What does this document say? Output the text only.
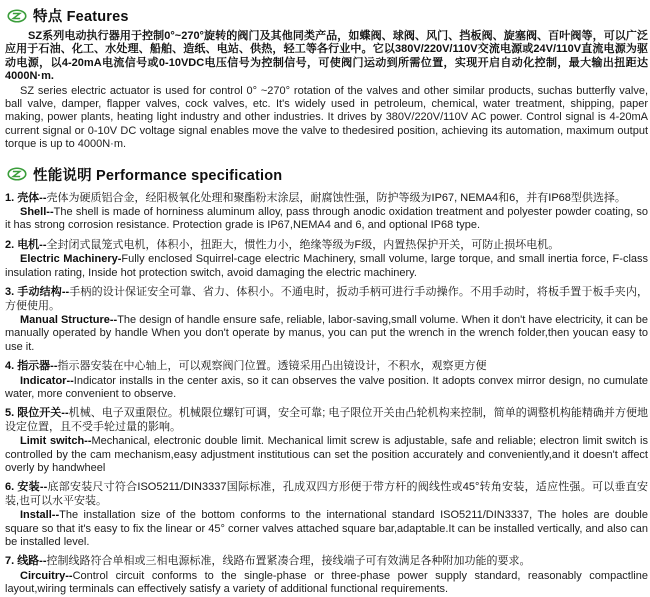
特点 Features

SZ系列电动执行器用于控制0°~270°旋转的阀门及其他同类产品，如蝶阀、球阀、风门、挡板阀、旋塞阀、百叶阀等，可以广泛应用于石油、化工、水处理、船舶、造纸、电站、供热，轻工等各行业中。它以380V/220V/110V交流电源或24V/110V直流电源为驱动电源，以4-20mA电流信号或0-10VDC电压信号为控制信号，可使阀门运动到所需位置，实现开启自动化控制，最大输出扭距达4000N·m.

SZ series electric actuator is used for control 0° ~270° rotation of the valves and other similar products, suchas butterfly valve, ball valve, damper, flapper valves, cock valves, etc. It's widely used in petroleum, chemical, water treatment, shipping, paper making, power plants, heating light industry and other industries. It drives by 380V/220V/110V AC power. Control signal is 4-20mA current signal or 0-10V DC voltage signal enables move the valve to thedesired position, achieving its automation, maximum output torque is up to 4000N·m.

性能说明 Performance specification

1. 壳体--壳体为硬质铝合金，经阳极氧化处理和聚酯粉末涂层，耐腐蚀性强，防护等级为IP67, NEMA4和6，并有IP68型供选择。

Shell--The shell is made of horniness aluminum alloy, pass through anodic oxidation treatment and polyester powder coating, so it has strong corrosion resistance. Protection grade is IP67,NEMA4 and 6, and optional IP68 type.

2. 电机--全封闭式鼠笼式电机，体积小，扭距大，惯性力小，绝缘等级为F级，内置热保护开关，可防止损坏电机。

Electric Machinery-Fully enclosed Squirrel-cage electric Machinery, small volume, large torque, and small inertia force, F-class insulation rating, Inside hot protection switch, avoid damaging the electric machinery.

3. 手动结构--手柄的设计保证安全可靠、省力、体积小。不通电时，扳动手柄可进行手动操作。不用手动时，将板手置于板手夹内，方便使用。

Manual Structure--The design of handle ensure safe, reliable, labor-saving,small volume. When it don't have electricity, it can be manually operated by handle When you don't operate by manus, you can put the wrench in the wrench folder,then youcan easy to use it.

4. 指示器--指示器安装在中心轴上，可以观察阀门位置。透镜采用凸出镜设计，不积水，观察更方便

Indicator--Indicator installs in the center axis, so it can observes the valve position. It adopts convex mirror design, no cumulate water, more convenient to observe.

5. 限位开关--机械、电子双重限位。机械限位螺钉可调，安全可靠; 电子限位开关由凸轮机构来控制，简单的调整机构能精确并方便地设定位置，且不受手轮过量的影响。

Limit switch--Mechanical, electronic double limit. Mechanical limit screw is adjustable, safe and reliable; electron limit switch is controlled by the cam mechanism,easy adjustment institutious can set the position accurately and conveniently,and it doesn't affect overly by handwheel

6. 安装--底部安装尺寸符合ISO5211/DIN3337国际标准，孔成双四方形便于带方杆的阀线性或45°转角安装，适应性强。可以垂直安装,也可以水平安装。

Install--The installation size of the bottom conforms to the international standard ISO5211/DIN3337, The holes are double square so that it's easy to fix the linear or 45° corner valves attached square bar,adaptable.It can be installed vertically, and also can be installed level.

7. 线路--控制线路符合单相或三相电源标准，线路布置紧凑合理，接线端子可有效满足各种附加功能的要求。

Circuitry--Control circuit conforms to the single-phase or three-phase power supply standard, reasonably compactline layout,wiring terminals can effectively satisfy a variety of additional functional requirements.
